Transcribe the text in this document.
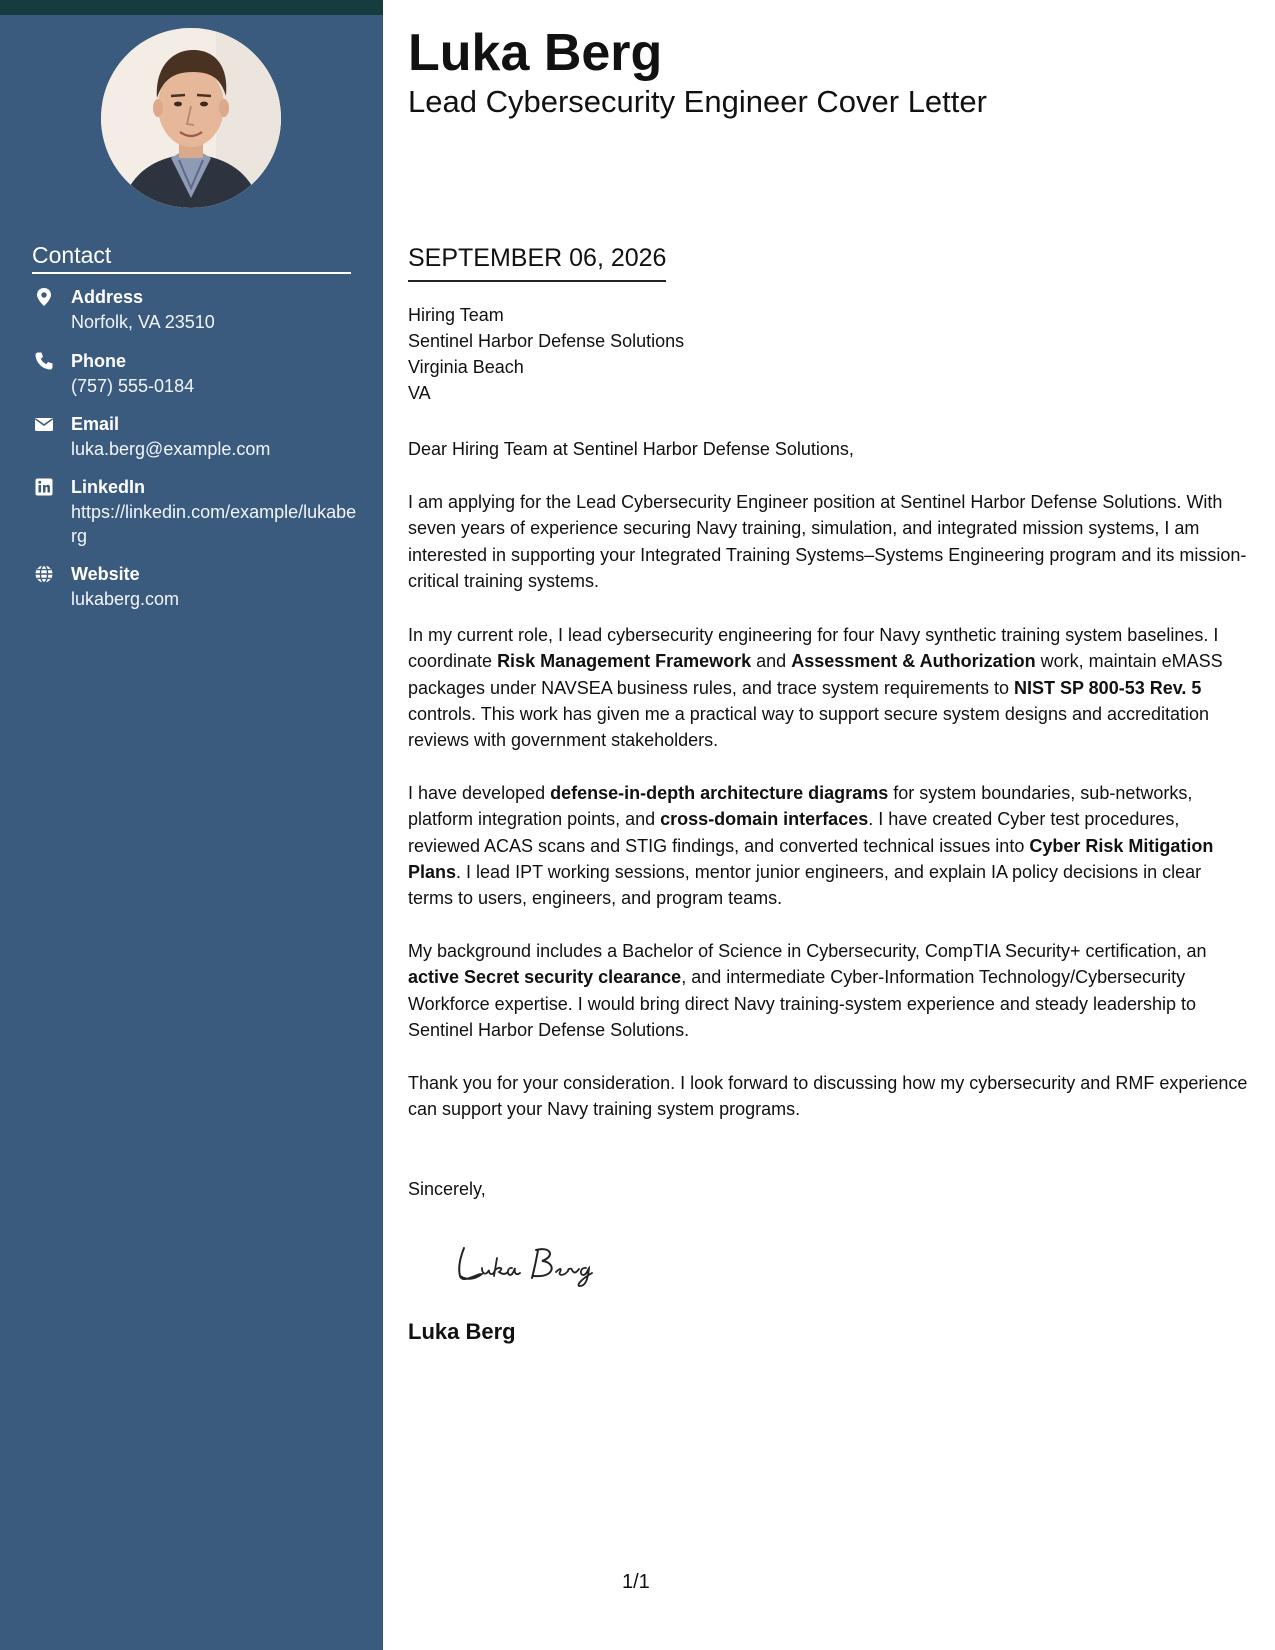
Contact
Address
Norfolk, VA 23510
Phone
(757) 555-0184
Email
luka.berg@example.com
LinkedIn
https://linkedin.com/example/lukaberg
Website
lukaberg.com
Luka Berg
Lead Cybersecurity Engineer Cover Letter
SEPTEMBER 06, 2026
Hiring Team
Sentinel Harbor Defense Solutions
Virginia Beach
VA
Dear Hiring Team at Sentinel Harbor Defense Solutions,
I am applying for the Lead Cybersecurity Engineer position at Sentinel Harbor Defense Solutions. With seven years of experience securing Navy training, simulation, and integrated mission systems, I am interested in supporting your Integrated Training Systems–Systems Engineering program and its mission-critical training systems.
In my current role, I lead cybersecurity engineering for four Navy synthetic training system baselines. I coordinate Risk Management Framework and Assessment & Authorization work, maintain eMASS packages under NAVSEA business rules, and trace system requirements to NIST SP 800-53 Rev. 5 controls. This work has given me a practical way to support secure system designs and accreditation reviews with government stakeholders.
I have developed defense-in-depth architecture diagrams for system boundaries, sub-networks, platform integration points, and cross-domain interfaces. I have created Cyber test procedures, reviewed ACAS scans and STIG findings, and converted technical issues into Cyber Risk Mitigation Plans. I lead IPT working sessions, mentor junior engineers, and explain IA policy decisions in clear terms to users, engineers, and program teams.
My background includes a Bachelor of Science in Cybersecurity, CompTIA Security+ certification, an active Secret security clearance, and intermediate Cyber-Information Technology/Cybersecurity Workforce expertise. I would bring direct Navy training-system experience and steady leadership to Sentinel Harbor Defense Solutions.
Thank you for your consideration. I look forward to discussing how my cybersecurity and RMF experience can support your Navy training system programs.
Sincerely,
Luka Berg
1/1
